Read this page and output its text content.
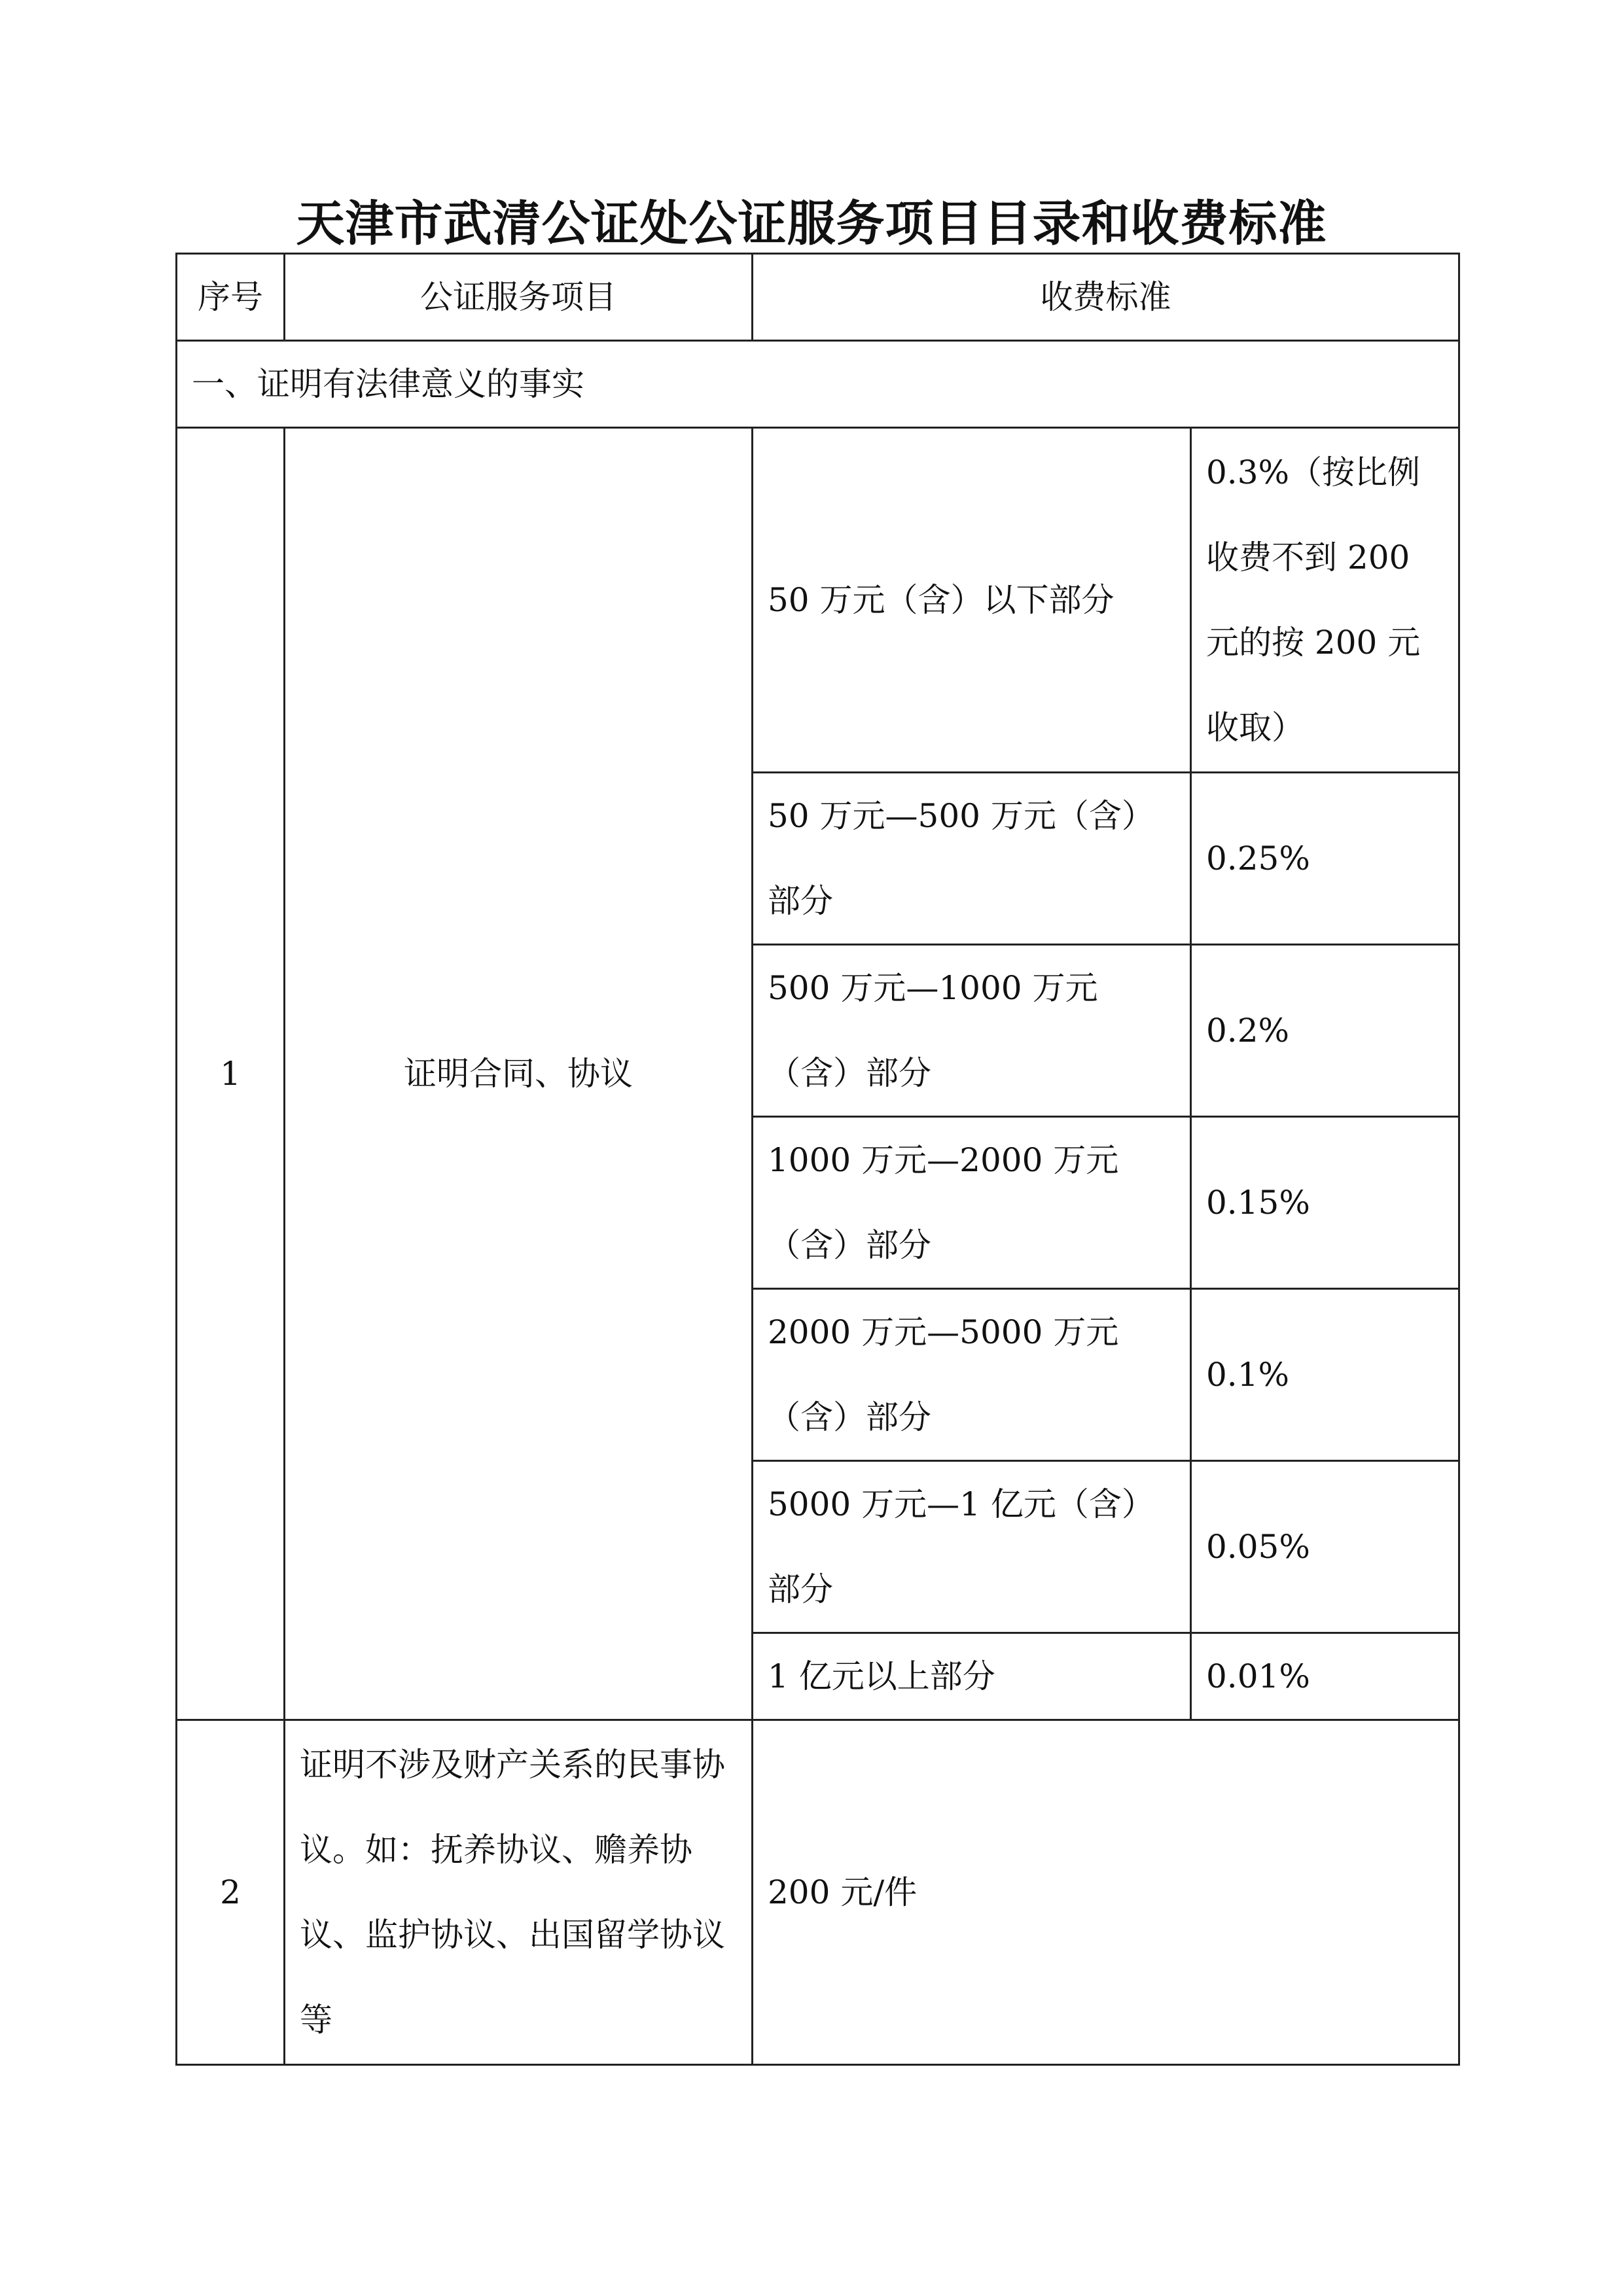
天津市武清公证处公证服务项目目录和收费标准
序号	公证服务项目	收费标准	
一、证明有法律意义的事实			
1	证明合同、协议	50 万元（含）以下部分	0.3%（按比例收费不到 200 元的按 200 元收取）
		50 万元—500 万元（含）部分	0.25%
		500 万元—1000 万元（含）部分	0.2%
		1000 万元—2000 万元（含）部分	0.15%
		2000 万元—5000 万元（含）部分	0.1%
		5000 万元—1 亿元（含）部分	0.05%
		1 亿元以上部分	0.01%
2	证明不涉及财产关系的民事协议。如：抚养协议、赡养协议、监护协议、出国留学协议等	200 元/件	
